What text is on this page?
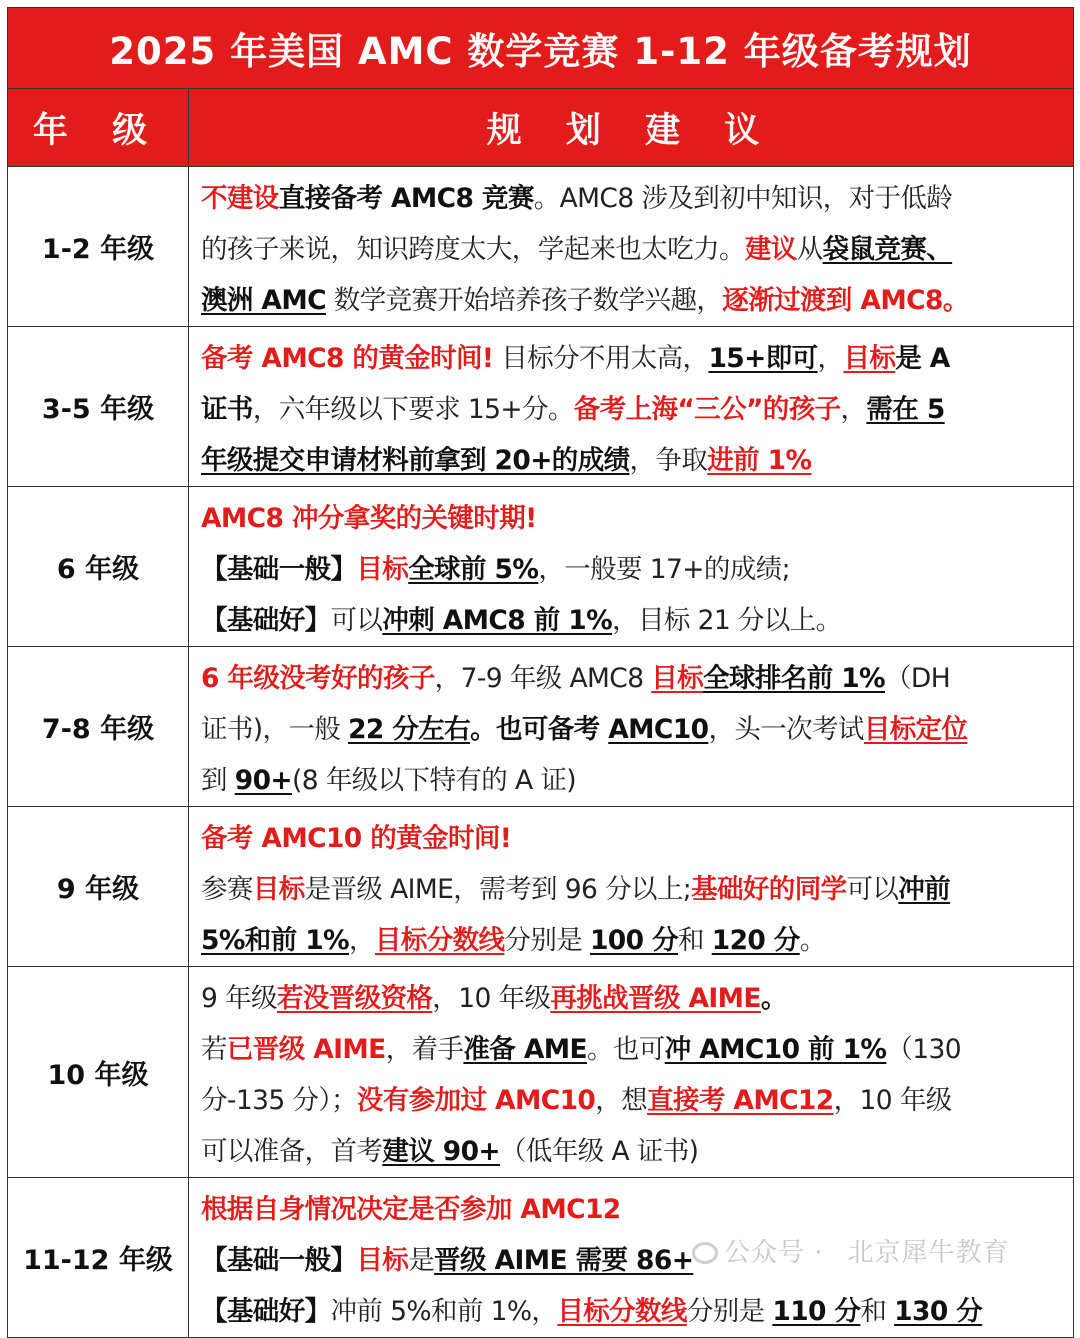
2025 年美国 AMC 数学竞赛 1-12 年级备考规划	
年 级	规 划 建 议
1-2 年级	不建设直接备考 AMC8 竞赛。AMC8 涉及到初中知识，对于低龄
的孩子来说，知识跨度太大，学起来也太吃力。建议从袋鼠竞赛、
澳洲 AMC 数学竞赛开始培养孩子数学兴趣，逐渐过渡到 AMC8。

3-5 年级	备考 AMC8 的黄金时间! 目标分不用太高，15+即可，目标是 A
证书，六年级以下要求 15+分。备考上海“三公”的孩子，需在 5
年级提交申请材料前拿到 20+的成绩，争取进前 1%

6 年级	AMC8 冲分拿奖的关键时期!
【基础一般】目标全球前 5%，一般要 17+的成绩;
【基础好】可以冲刺 AMC8 前 1%，目标 21 分以上。

7-8 年级	6 年级没考好的孩子，7-9 年级 AMC8 目标全球排名前 1%（DH
证书)，一般 22 分左右。也可备考 AMC10，头一次考试目标定位
到 90+(8 年级以下特有的 A 证)

9 年级	备考 AMC10 的黄金时间!
参赛目标是晋级 AIME，需考到 96 分以上;基础好的同学可以冲前
5%和前 1%，目标分数线分别是 100 分和 120 分。

10 年级	9 年级若没晋级资格，10 年级再挑战晋级 AIME。
若已晋级 AIME，着手准备 AME。也可冲 AMC10 前 1%（130
分-135 分）；没有参加过 AMC10，想直接考 AMC12，10 年级
可以准备，首考建议 90+（低年级 A 证书)

11-12 年级	根据自身情况决定是否参加 AMC12
【基础一般】目标是晋级 AIME 需要 86+
【基础好】冲前 5%和前 1%，目标分数线分别是 110 分和 130 分
公众号 · 北京犀牛教育
